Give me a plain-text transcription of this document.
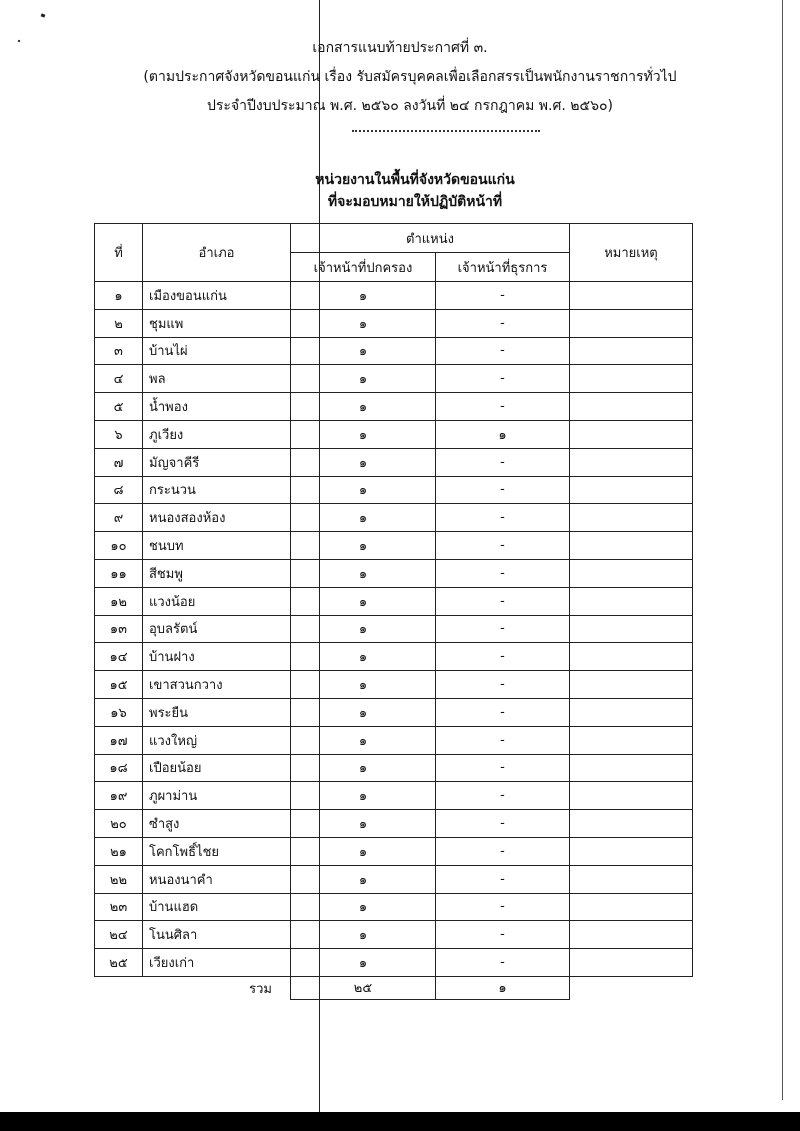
เอกสารแนบท้ายประกาศที่ ๓.
(ตามประกาศจังหวัดขอนแก่น เรื่อง รับสมัครบุคคลเพื่อเลือกสรรเป็นพนักงานราชการทั่วไป
ประจำปีงบประมาณ พ.ศ. ๒๕๖๐ ลงวันที่ ๒๔ กรกฎาคม พ.ศ. ๒๕๖๐)
หน่วยงานในพื้นที่จังหวัดขอนแก่น
ที่จะมอบหมายให้ปฏิบัติหน้าที่
ที่	อำเภอ	ตำแหน่ง		หมายเหตุ
		เจ้าหน้าที่ปกครอง	เจ้าหน้าที่ธุรการ	
๑	เมืองขอนแก่น	๑	-	
๒	ชุมแพ	๑	-	
๓	บ้านไผ่	๑	-	
๔	พล	๑	-	
๕	น้ำพอง	๑	-	
๖	ภูเวียง	๑	๑	
๗	มัญจาคีรี	๑	-	
๘	กระนวน	๑	-	
๙	หนองสองห้อง	๑	-	
๑๐	ชนบท	๑	-	
๑๑	สีชมพู	๑	-	
๑๒	แวงน้อย	๑	-	
๑๓	อุบลรัตน์	๑	-	
๑๔	บ้านฝาง	๑	-	
๑๕	เขาสวนกวาง	๑	-	
๑๖	พระยืน	๑	-	
๑๗	แวงใหญ่	๑	-	
๑๘	เปือยน้อย	๑	-	
๑๙	ภูผาม่าน	๑	-	
๒๐	ซำสูง	๑	-	
๒๑	โคกโพธิ์ไชย	๑	-	
๒๒	หนองนาคำ	๑	-	
๒๓	บ้านแฮด	๑	-	
๒๔	โนนศิลา	๑	-	
๒๕	เวียงเก่า	๑	-	
รวม		๒๕	๑	
